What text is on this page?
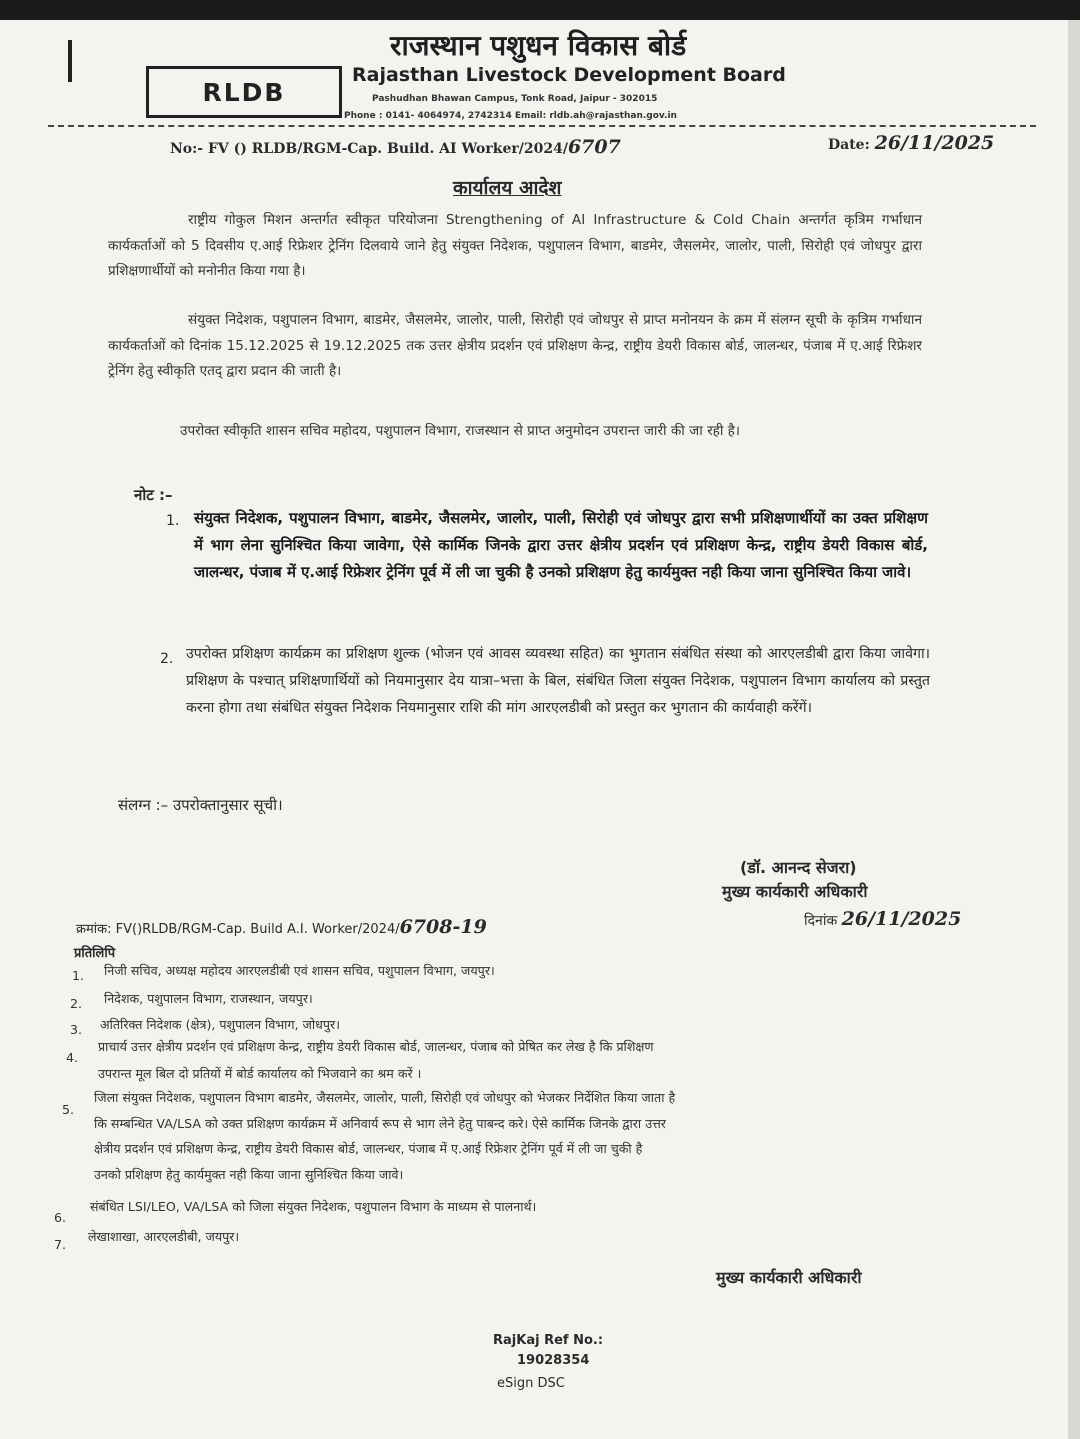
RLDB
राजस्थान पशुधन विकास बोर्ड
Rajasthan Livestock Development Board
Pashudhan Bhawan Campus, Tonk Road, Jaipur - 302015
Phone : 0141- 4064974, 2742314 Email: rldb.ah@rajasthan.gov.in
No:- FV () RLDB/RGM-Cap. Build. AI Worker/2024/6707	Date: 26/11/2025
कार्यालय आदेश
राष्ट्रीय गोकुल मिशन अन्तर्गत स्वीकृत परियोजना Strengthening of AI Infrastructure & Cold Chain अन्तर्गत कृत्रिम गर्भाधान कार्यकर्ताओं को 5 दिवसीय ए.आई रिफ्रेशर ट्रेनिंग दिलवाये जाने हेतु संयुक्त निदेशक, पशुपालन विभाग, बाडमेर, जैसलमेर, जालोर, पाली, सिरोही एवं जोधपुर द्वारा प्रशिक्षणार्थीयों को मनोनीत किया गया है।
संयुक्त निदेशक, पशुपालन विभाग, बाडमेर, जैसलमेर, जालोर, पाली, सिरोही एवं जोधपुर से प्राप्त मनोनयन के क्रम में संलग्न सूची के कृत्रिम गर्भाधान कार्यकर्ताओं को दिनांक 15.12.2025 से 19.12.2025 तक उत्तर क्षेत्रीय प्रदर्शन एवं प्रशिक्षण केन्द्र, राष्ट्रीय डेयरी विकास बोर्ड, जालन्धर, पंजाब में ए.आई रिफ्रेशर ट्रेनिंग हेतु स्वीकृति एतद् द्वारा प्रदान की जाती है।
उपरोक्त स्वीकृति शासन सचिव महोदय, पशुपालन विभाग, राजस्थान से प्राप्त अनुमोदन उपरान्त जारी की जा रही है।
नोट :–
1. संयुक्त निदेशक, पशुपालन विभाग, बाडमेर, जैसलमेर, जालोर, पाली, सिरोही एवं जोधपुर द्वारा सभी प्रशिक्षणार्थीयों का उक्त प्रशिक्षण में भाग लेना सुनिश्चित किया जावेगा, ऐसे कार्मिक जिनके द्वारा उत्तर क्षेत्रीय प्रदर्शन एवं प्रशिक्षण केन्द्र, राष्ट्रीय डेयरी विकास बोर्ड, जालन्धर, पंजाब में ए.आई रिफ्रेशर ट्रेनिंग पूर्व में ली जा चुकी है उनको प्रशिक्षण हेतु कार्यमुक्त नही किया जाना सुनिश्चित किया जावे।
2. उपरोक्त प्रशिक्षण कार्यक्रम का प्रशिक्षण शुल्क (भोजन एवं आवस व्यवस्था सहित) का भुगतान संबंधित संस्था को आरएलडीबी द्वारा किया जावेगा। प्रशिक्षण के पश्चात् प्रशिक्षणार्थियों को नियमानुसार देय यात्रा–भत्ता के बिल, संबंधित जिला संयुक्त निदेशक, पशुपालन विभाग कार्यालय को प्रस्तुत करना होगा तथा संबंधित संयुक्त निदेशक नियमानुसार राशि की मांग आरएलडीबी को प्रस्तुत कर भुगतान की कार्यवाही करेंगें।
संलग्न :– उपरोक्तानुसार सूची।
(डॉ. आनन्द सेजरा)
मुख्य कार्यकारी अधिकारी
दिनांक 26/11/2025
क्रमांक: FV()RLDB/RGM-Cap. Build A.I. Worker/2024/6708-19
प्रतिलिपि
1. निजी सचिव, अध्यक्ष महोदय आरएलडीबी एवं शासन सचिव, पशुपालन विभाग, जयपुर।
2. निदेशक, पशुपालन विभाग, राजस्थान, जयपुर।
3. अतिरिक्त निदेशक (क्षेत्र), पशुपालन विभाग, जोधपुर।
4.
प्राचार्य उत्तर क्षेत्रीय प्रदर्शन एवं प्रशिक्षण केन्द्र, राष्ट्रीय डेयरी विकास बोर्ड, जालन्धर, पंजाब को प्रेषित कर लेख है कि प्रशिक्षण
उपरान्त मूल बिल दो प्रतियों में बोर्ड कार्यालय को भिजवाने का श्रम करें ।
5.
जिला संयुक्त निदेशक, पशुपालन विभाग बाडमेर, जैसलमेर, जालोर, पाली, सिरोही एवं जोधपुर को भेजकर निर्देशित किया जाता है
कि सम्बन्धित VA/LSA को उक्त प्रशिक्षण कार्यक्रम में अनिवार्य रूप से भाग लेने हेतु पाबन्द करे। ऐसे कार्मिक जिनके द्वारा उत्तर
क्षेत्रीय प्रदर्शन एवं प्रशिक्षण केन्द्र, राष्ट्रीय डेयरी विकास बोर्ड, जालन्धर, पंजाब में ए.आई रिफ्रेशर ट्रेनिंग पूर्व में ली जा चुकी है
उनको प्रशिक्षण हेतु कार्यमुक्त नही किया जाना सुनिश्चित किया जावे।
6.
संबंधित LSI/LEO, VA/LSA को जिला संयुक्त निदेशक, पशुपालन विभाग के माध्यम से पालनार्थ।
7.
लेखाशाखा, आरएलडीबी, जयपुर।
मुख्य कार्यकारी अधिकारी
RajKaj Ref No.:
19028354
eSign DSC
